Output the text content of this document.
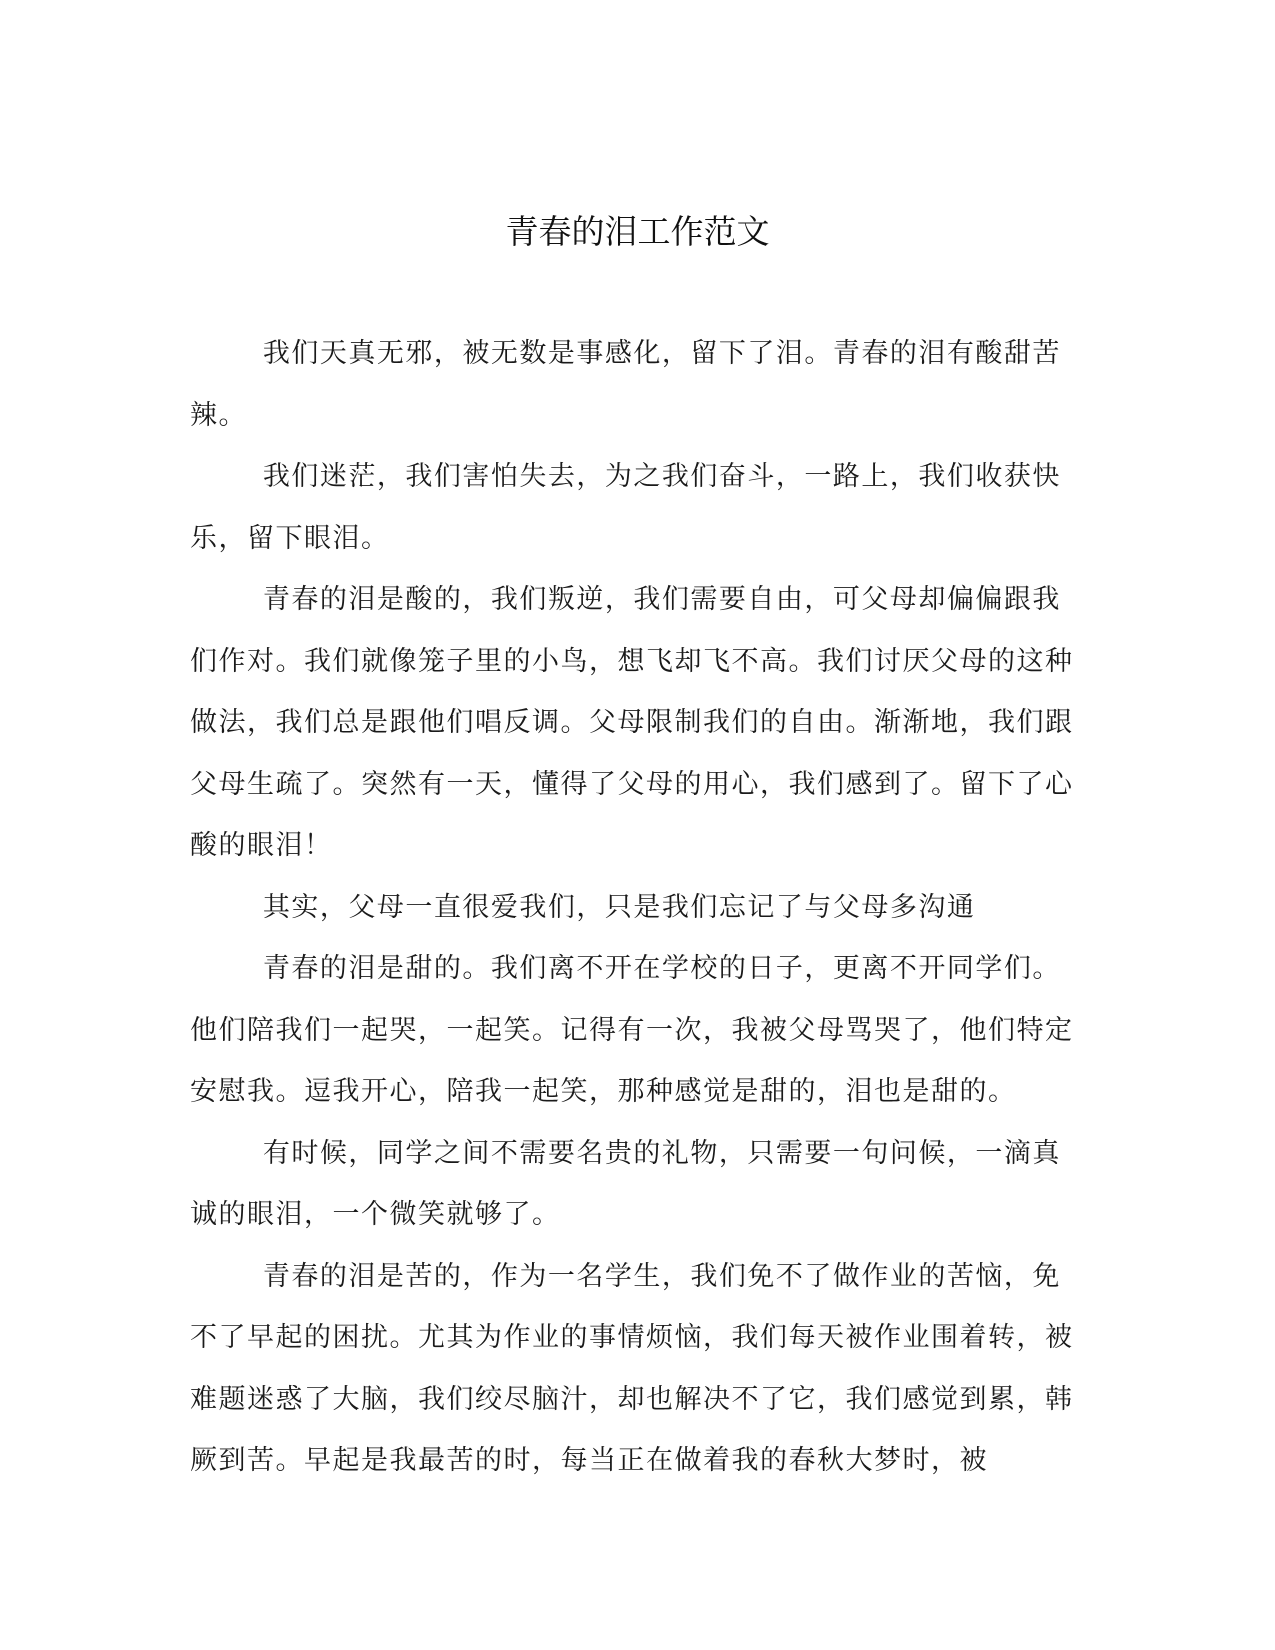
青春的泪工作范文

我们天真无邪，被无数是事感化，留下了泪。青春的泪有酸甜苦辣。

我们迷茫，我们害怕失去，为之我们奋斗，一路上，我们收获快乐，留下眼泪。

青春的泪是酸的，我们叛逆，我们需要自由，可父母却偏偏跟我们作对。我们就像笼子里的小鸟，想飞却飞不高。我们讨厌父母的这种做法，我们总是跟他们唱反调。父母限制我们的自由。渐渐地，我们跟父母生疏了。突然有一天，懂得了父母的用心，我们感到了。留下了心酸的眼泪！

其实，父母一直很爱我们，只是我们忘记了与父母多沟通

青春的泪是甜的。我们离不开在学校的日子，更离不开同学们。他们陪我们一起哭，一起笑。记得有一次，我被父母骂哭了，他们特定安慰我。逗我开心，陪我一起笑，那种感觉是甜的，泪也是甜的。

有时候，同学之间不需要名贵的礼物，只需要一句问候，一滴真诚的眼泪，一个微笑就够了。

青春的泪是苦的，作为一名学生，我们免不了做作业的苦恼，免不了早起的困扰。尤其为作业的事情烦恼，我们每天被作业围着转，被难题迷惑了大脑，我们绞尽脑汁，却也解决不了它，我们感觉到累，韩厥到苦。早起是我最苦的时，每当正在做着我的春秋大梦时，被
